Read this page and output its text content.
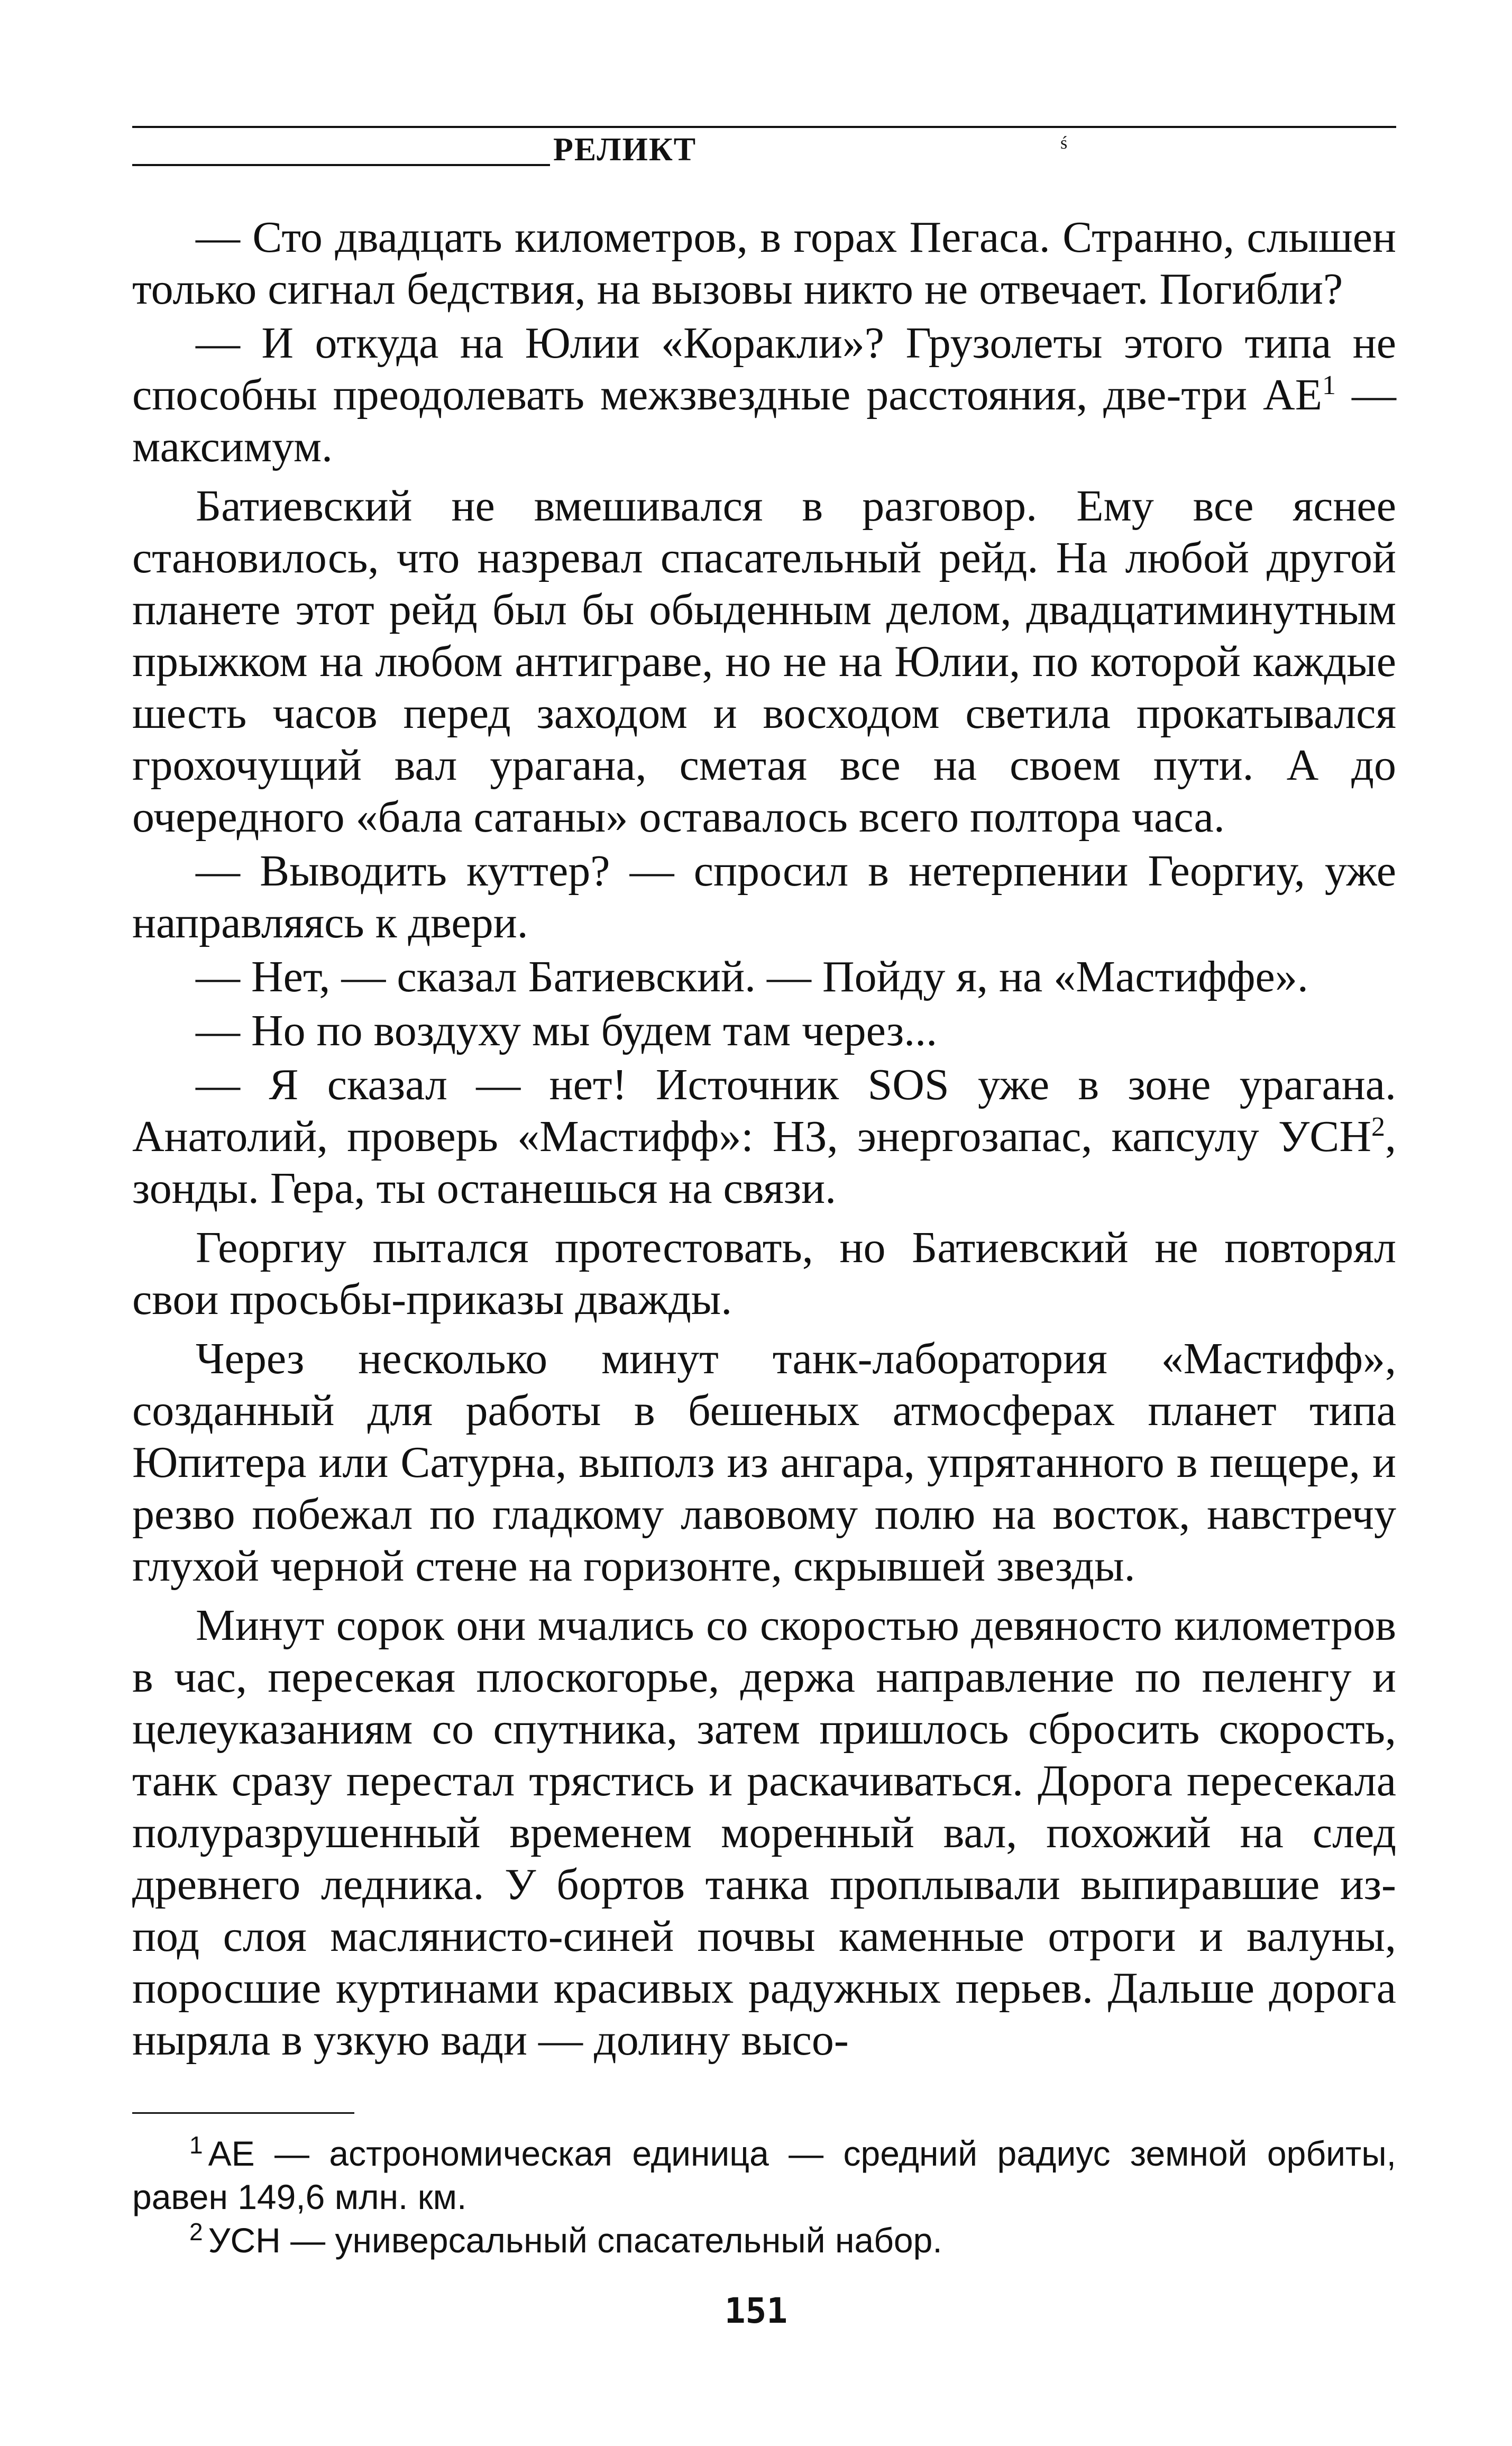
РЕЛИКТ	ś

— Сто двадцать километров, в горах Пегаса. Странно, слышен только сигнал бедствия, на вызовы никто не отвечает. Погибли?

— И откуда на Юлии «Коракли»? Грузолеты этого типа не способны преодолевать межзвездные расстояния, две-три $АЕ^1$ — максимум.

Батиевский не вмешивался в разговор. Ему все яснее становилось, что назревал спасательный рейд. На любой другой планете этот рейд был бы обыденным делом, двадцатиминутным прыжком на любом антиграве, но не на Юлии, по которой каждые шесть часов перед заходом и восходом светила прокатывался грохочущий вал урагана, сметая все на своем пути. А до очередного «бала сатаны» оставалось всего полтора часа.

— Выводить куттер? — спросил в нетерпении Георгиу, уже направляясь к двери.

— Нет, — сказал Батиевский. — Пойду я, на «Мастиффе».

— Но по воздуху мы будем там через...

— Я сказал — нет! Источник SOS уже в зоне урагана. Анатолий, проверь «Мастифф»: НЗ, энергозапас, капсулу УСН$^2$, зонды. Гера, ты останешься на связи.

Георгиу пытался протестовать, но Батиевский не повторял свои просьбы-приказы дважды.

Через несколько минут танк-лаборатория «Мастифф», созданный для работы в бешеных атмосферах планет типа Юпитера или Сатурна, выполз из ангара, упрятанного в пещере, и резво побежал по гладкому лавовому полю на восток, навстречу глухой черной стене на горизонте, скрывшей звезды.

Минут сорок они мчались со скоростью девяносто километров в час, пересекая плоскогорье, держа направление по пеленгу и целеуказаниям со спутника, затем пришлось сбросить скорость, танк сразу перестал трястись и раскачиваться. Дорога пересекала полуразрушенный временем моренный вал, похожий на след древнего ледника. У бортов танка проплывали выпиравшие из-под слоя маслянисто-синей почвы каменные отроги и валуны, поросшие куртинами красивых радужных перьев. Дальше дорога ныряла в узкую вади — долину высо-

$^1$ АЕ — астрономическая единица — средний радиус земной орбиты, равен 149,6 млн. км.

$^2$ УСН — универсальный спасательный набор.

151
